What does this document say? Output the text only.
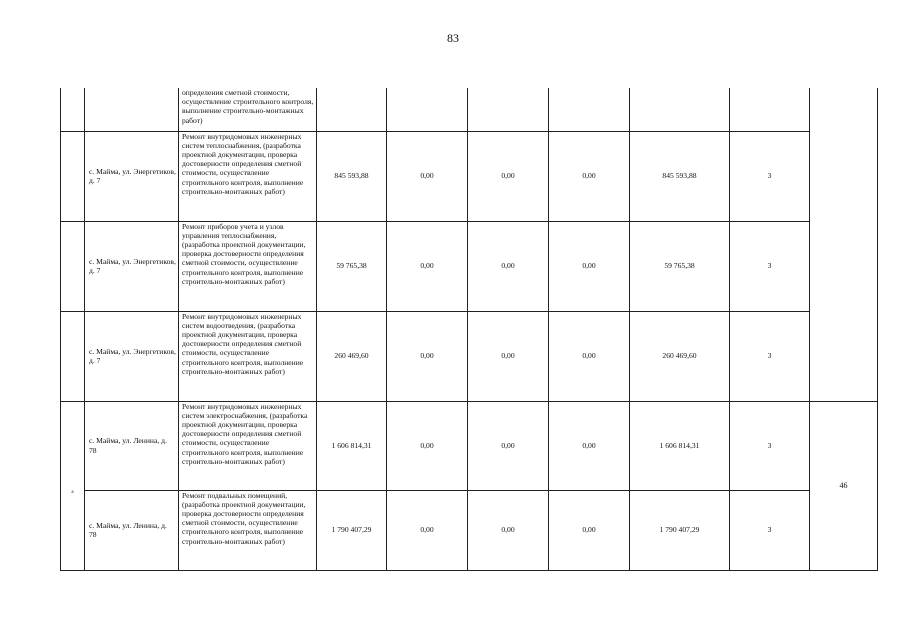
83
		определения сметной стоимости, осуществление строительного контроля, выполнение строительно-монтажных работ)							
	с. Майма, ул. Энергетиков, д. 7	Ремонт внутридомовых инженерных систем теплоснабжения, (разработка проектной документации, проверка достоверности определения сметной стоимости, осуществление строительного контроля, выполнение строительно-монтажных работ)	845 593,88	0,00	0,00	0,00	845 593,88	3	
	с. Майма, ул. Энергетиков, д. 7	Ремонт приборов учета и узлов управления теплоснабжения, (разработка проектной документации, проверка достоверности определения сметной стоимости, осуществление строительного контроля, выполнение строительно-монтажных работ)	59 765,38	0,00	0,00	0,00	59 765,38	3	
	с. Майма, ул. Энергетиков, д. 7	Ремонт внутридомовых инженерных систем водоотведения, (разработка проектной документации, проверка достоверности определения сметной стоимости, осуществление строительного контроля, выполнение строительно-монтажных работ)	260 469,60	0,00	0,00	0,00	260 469,60	3	
a	с. Майма, ул. Ленина, д. 78	Ремонт внутридомовых инженерных систем электроснабжения, (разработка проектной документации, проверка достоверности определения сметной стоимости, осуществление строительного контроля, выполнение строительно-монтажных работ)	1 606 814,31	0,00	0,00	0,00	1 606 814,31	3	46
	с. Майма, ул. Ленина, д. 78	Ремонт подвальных помещений, (разработка проектной документации, проверка достоверности определения сметной стоимости, осуществление строительного контроля, выполнение строительно-монтажных работ)	1 790 407,29	0,00	0,00	0,00	1 790 407,29	3	
